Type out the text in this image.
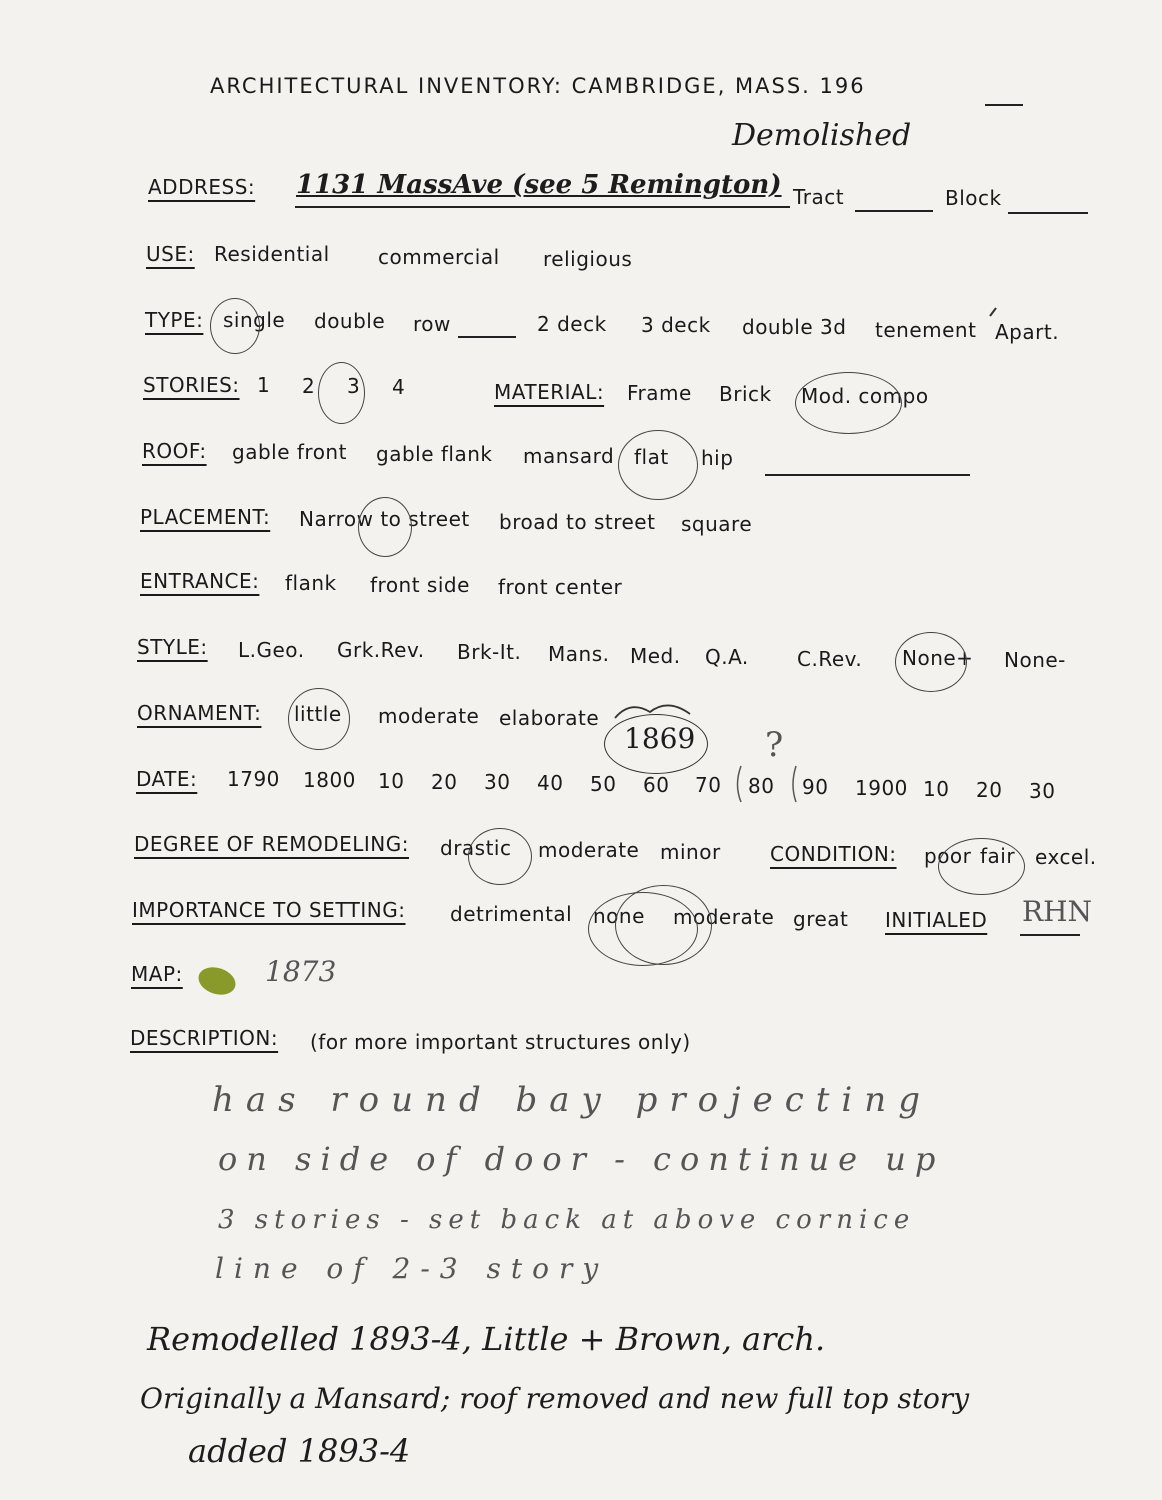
ARCHITECTURAL INVENTORY: CAMBRIDGE, MASS. 196
Demolished
ADDRESS: 1131 MassAve (see 5 Remington) Tract	Block
USE: Residential commercial religious
TYPE: single double row	2 deck 3 deck double 3d tenement Apart.
STORIES: 1 2 3 4	MATERIAL: Frame Brick Mod. compo
ROOF: gable front gable flank mansard flat hip
PLACEMENT: Narrow to street broad to street square
ENTRANCE: flank front side front center
STYLE: L.Geo. Grk.Rev. Brk-It. Mans. Med. Q.A. C.Rev. None+ None-
ORNAMENT: little moderate elaborate
1869 ?
DATE: 1790 1800 10 20 30 40 50 60 70 80 90 1900 10 20 30
DEGREE OF REMODELING: drastic moderate minor CONDITION: poor fair excel.
IMPORTANCE TO SETTING: detrimental none moderate great INITIALED RHN
MAP:	1873
DESCRIPTION: (for more important structures only)
has round bay projecting
on side of door - continue up
3 stories - set back at above cornice
line of 2-3 story
Remodelled 1893-4, Little + Brown, arch.
Originally a Mansard; roof removed and new full top story
added 1893-4
